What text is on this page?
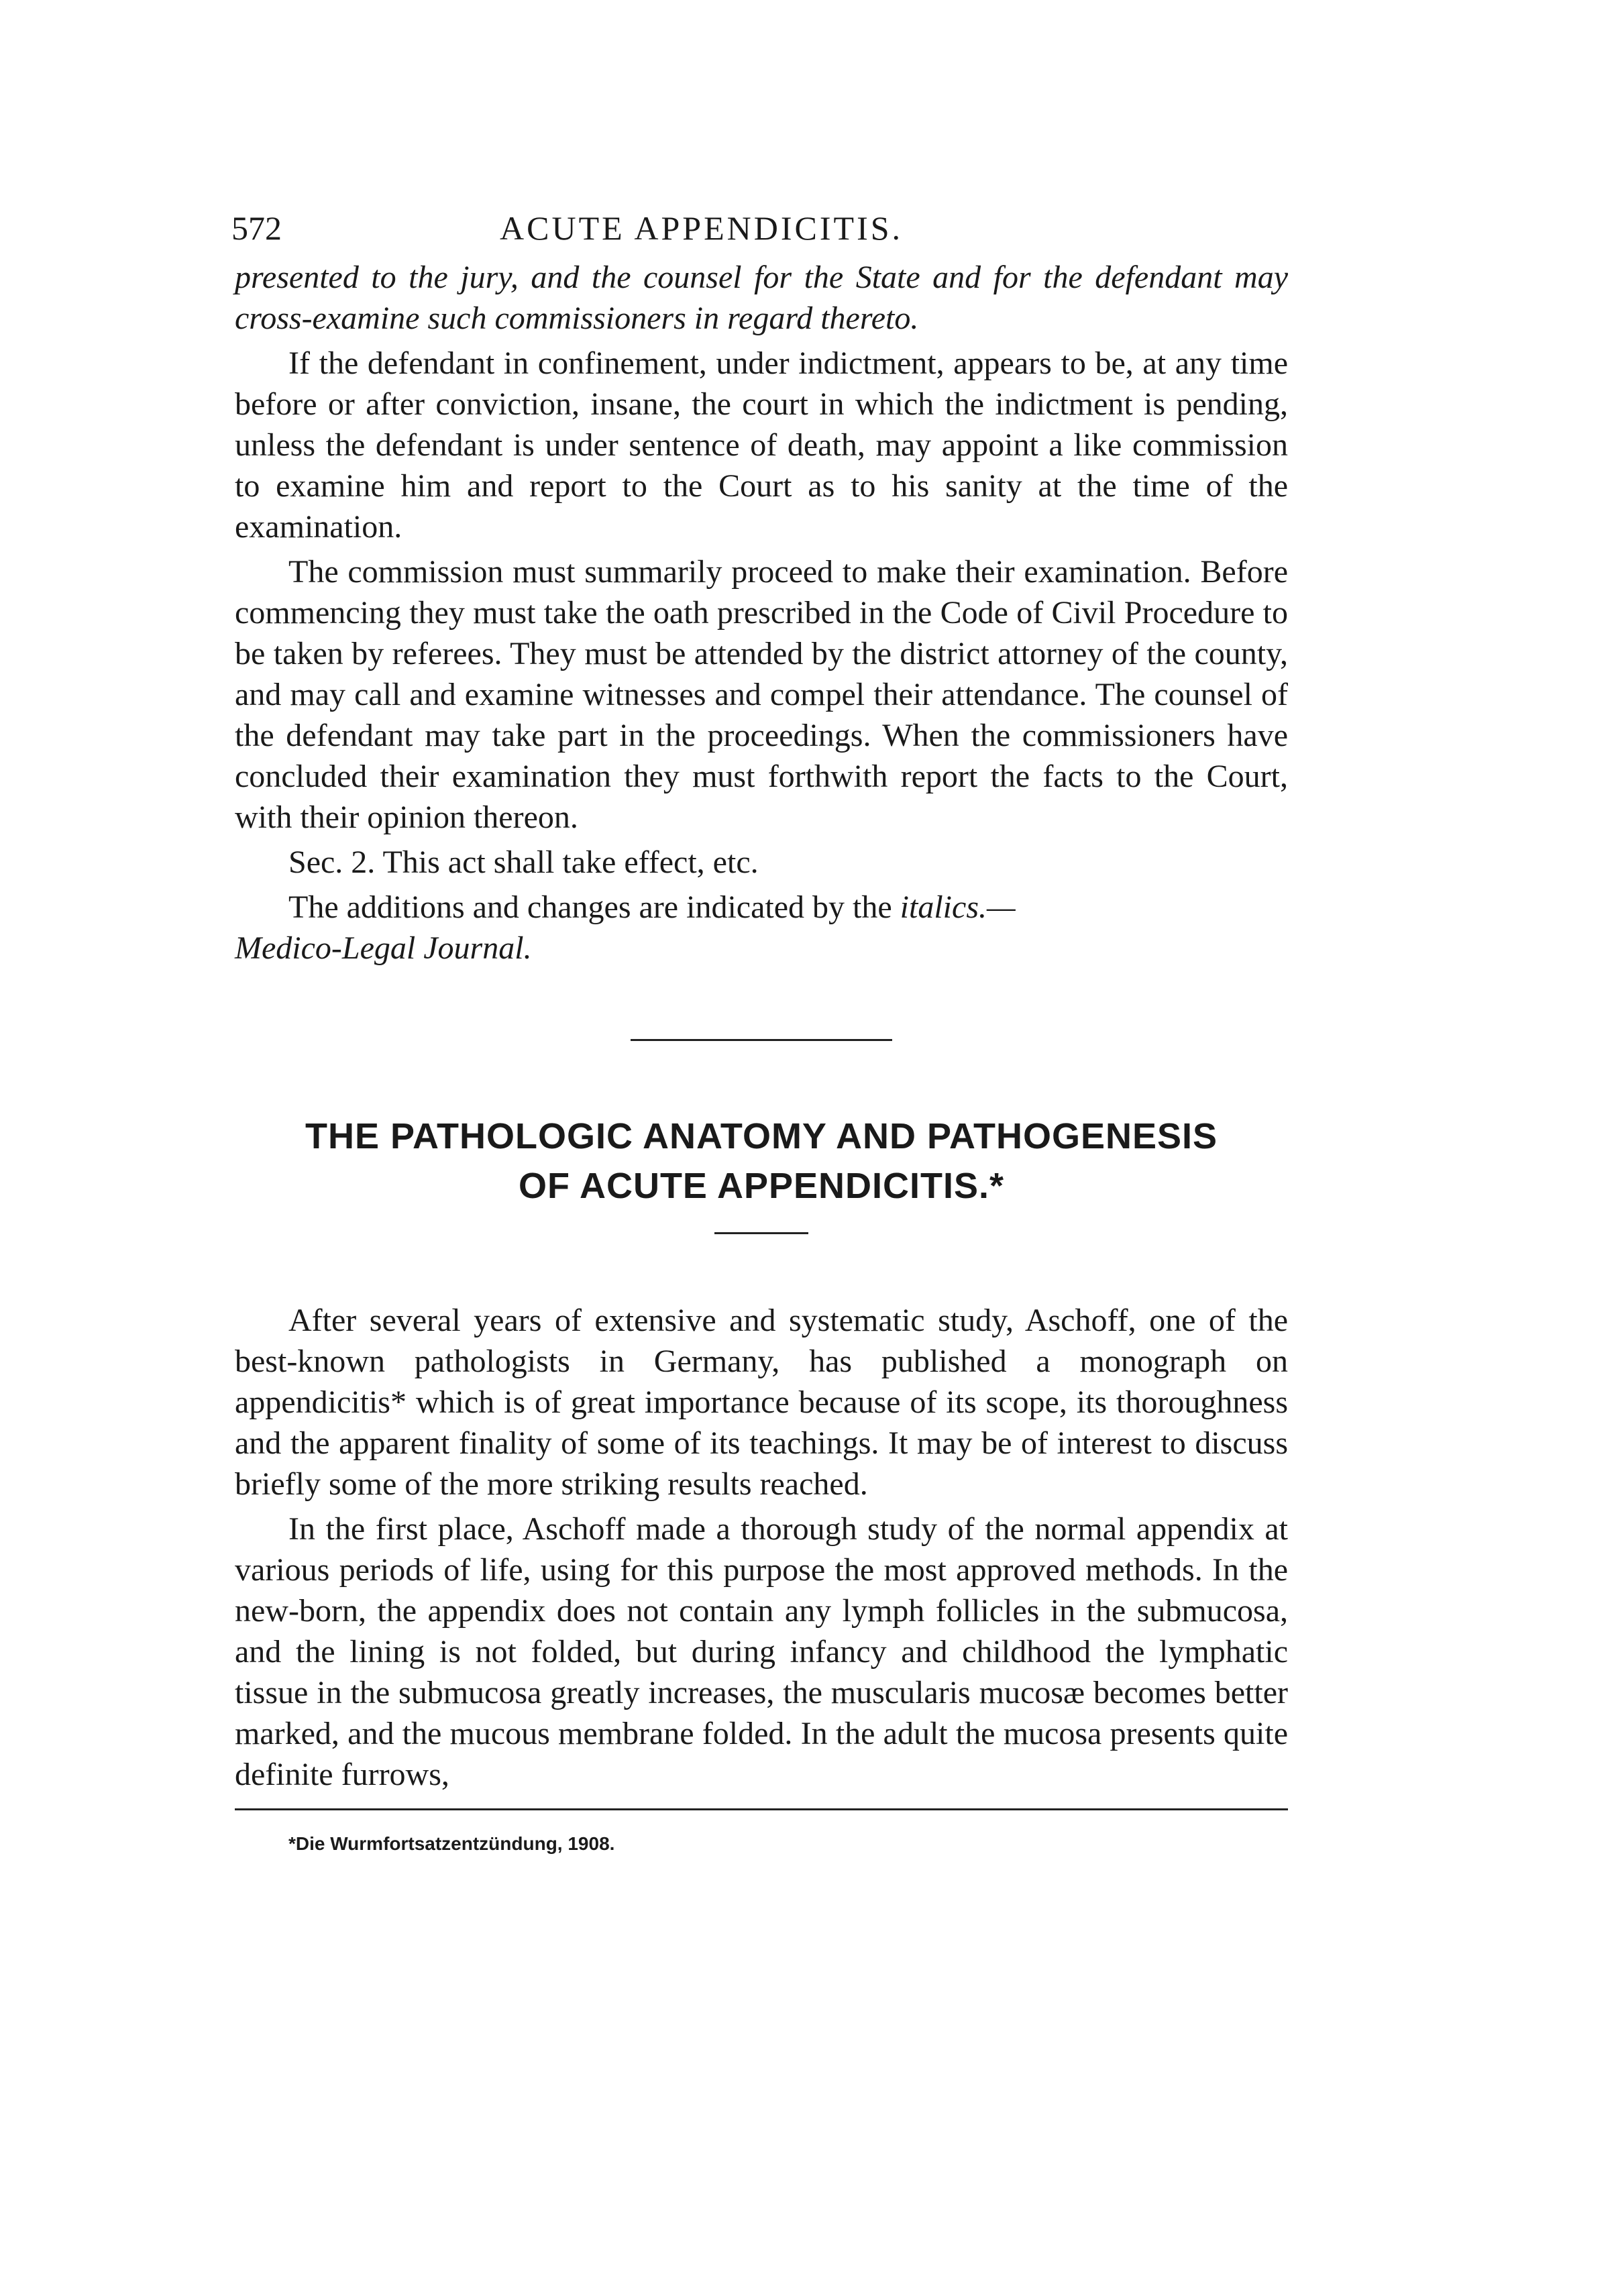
572	ACUTE APPENDICITIS.

presented to the jury, and the counsel for the State and for the defendant may cross-examine such commissioners in regard thereto.

If the defendant in confinement, under indictment, appears to be, at any time before or after conviction, insane, the court in which the indictment is pending, unless the defendant is under sentence of death, may appoint a like commission to examine him and report to the Court as to his sanity at the time of the examination.

The commission must summarily proceed to make their examination. Before commencing they must take the oath prescribed in the Code of Civil Procedure to be taken by referees. They must be attended by the district attorney of the county, and may call and examine witnesses and compel their attendance. The counsel of the defendant may take part in the proceedings. When the commissioners have concluded their examination they must forthwith report the facts to the Court, with their opinion thereon.

Sec. 2. This act shall take effect, etc.

The additions and changes are indicated by the italics.—
Medico-Legal Journal.

THE PATHOLOGIC ANATOMY AND PATHOGENESIS
OF ACUTE APPENDICITIS.*

After several years of extensive and systematic study, Aschoff, one of the best-known pathologists in Germany, has published a monograph on appendicitis* which is of great importance because of its scope, its thoroughness and the apparent finality of some of its teachings. It may be of interest to discuss briefly some of the more striking results reached.

In the first place, Aschoff made a thorough study of the normal appendix at various periods of life, using for this purpose the most approved methods. In the new-born, the appendix does not contain any lymph follicles in the submucosa, and the lining is not folded, but during infancy and childhood the lymphatic tissue in the submucosa greatly increases, the muscularis mucosæ becomes better marked, and the mucous membrane folded. In the adult the mucosa presents quite definite furrows,

*Die Wurmfortsatzentzündung, 1908.
